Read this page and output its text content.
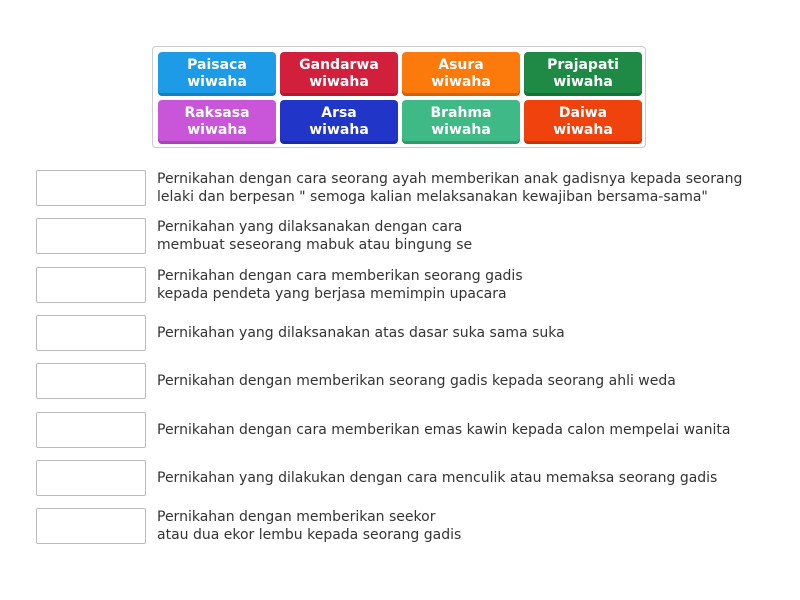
Paisaca wiwaha
Gandarwa wiwaha
Asura wiwaha
Prajapati wiwaha
Raksasa wiwaha
Arsa wiwaha
Brahma wiwaha
Daiwa wiwaha
Pernikahan dengan cara seorang ayah memberikan anak gadisnya kepada seorang
lelaki dan berpesan " semoga kalian melaksanakan kewajiban bersama-sama"
Pernikahan yang dilaksanakan dengan cara
membuat seseorang mabuk atau bingung se
Pernikahan dengan cara memberikan seorang gadis
kepada pendeta yang berjasa memimpin upacara
Pernikahan yang dilaksanakan atas dasar suka sama suka
Pernikahan dengan memberikan seorang gadis kepada seorang ahli weda
Pernikahan dengan cara memberikan emas kawin kepada calon mempelai wanita
Pernikahan yang dilakukan dengan cara menculik atau memaksa seorang gadis
Pernikahan dengan memberikan seekor
atau dua ekor lembu kepada seorang gadis
